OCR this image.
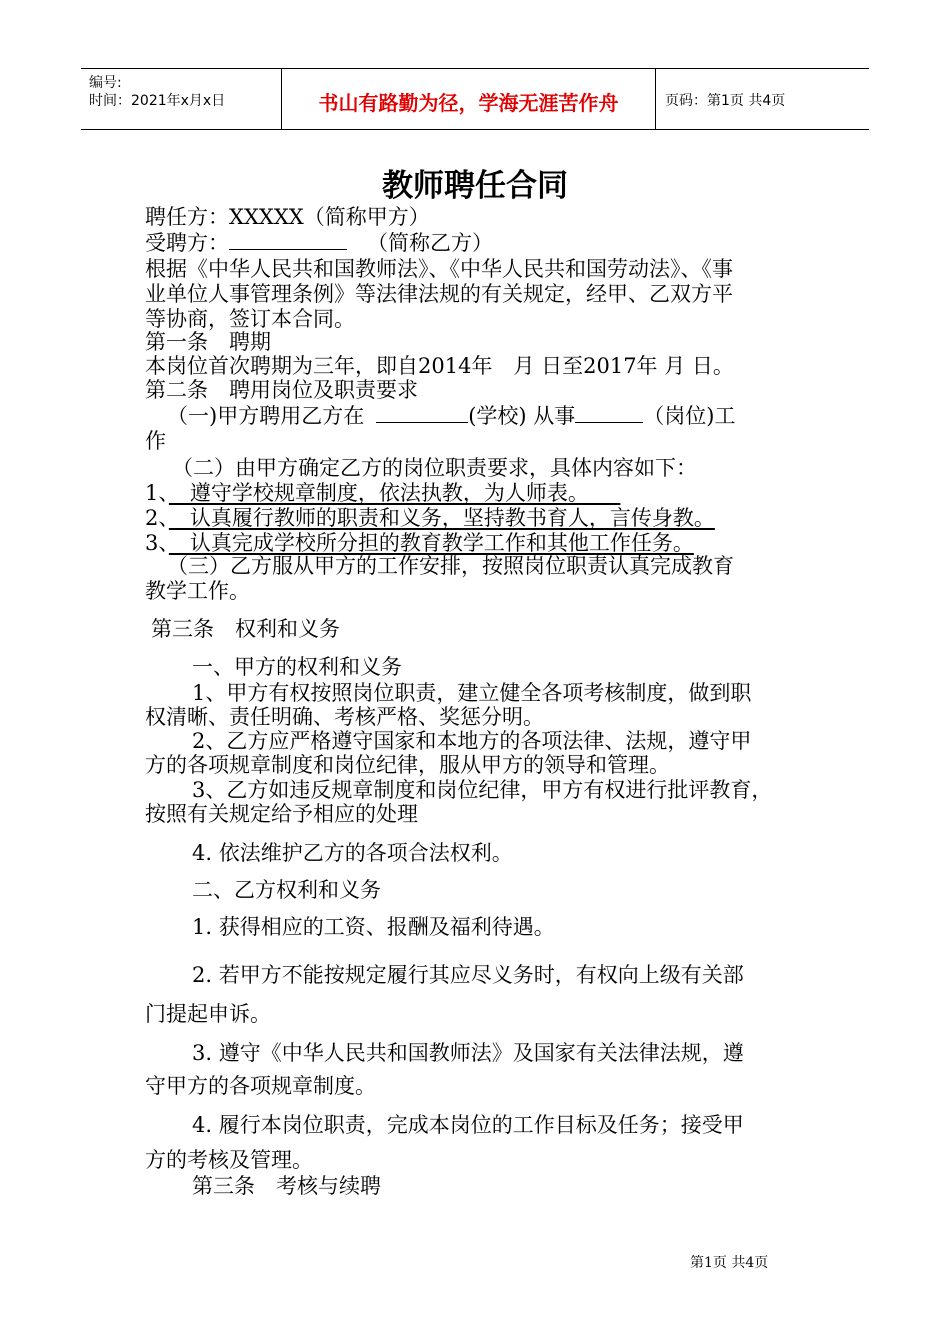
编号:
时间：2021年x月x日	书山有路勤为径，学海无涯苦作舟	页码：第1页 共4页
教师聘任合同
聘任方：XXXXX（简称甲方）
受聘方：	（简称乙方）
根据《中华人民共和国教师法》、《中华人民共和国劳动法》、《事
业单位人事管理条例》等法律法规的有关规定，经甲、乙双方平
等协商，签订本合同。
第一条　聘期
本岗位首次聘期为三年，即自2014年　月 日至2017年 月 日。
第二条　聘用岗位及职责要求
（一)甲方聘用乙方在	(学校) 从事	（岗位)工
作
（二）由甲方确定乙方的岗位职责要求，具体内容如下：
1、　遵守学校规章制度，依法执教，为人师表。　　
2、　认真履行教师的职责和义务，坚持教书育人，言传身教。
3、　认真完成学校所分担的教育教学工作和其他工作任务。
（三）乙方服从甲方的工作安排，按照岗位职责认真完成教育
教学工作。
第三条　权利和义务
一、甲方的权利和义务
1、甲方有权按照岗位职责，建立健全各项考核制度，做到职
权清晰、责任明确、考核严格、奖惩分明。
2、乙方应严格遵守国家和本地方的各项法律、法规，遵守甲
方的各项规章制度和岗位纪律，服从甲方的领导和管理。
3、乙方如违反规章制度和岗位纪律，甲方有权进行批评教育，
按照有关规定给予相应的处理
4. 依法维护乙方的各项合法权利。
二、乙方权利和义务
1. 获得相应的工资、报酬及福利待遇。
2. 若甲方不能按规定履行其应尽义务时，有权向上级有关部
门提起申诉。
3. 遵守《中华人民共和国教师法》及国家有关法律法规，遵
守甲方的各项规章制度。
4. 履行本岗位职责，完成本岗位的工作目标及任务；接受甲
方的考核及管理。
第三条　考核与续聘
第1页 共4页
